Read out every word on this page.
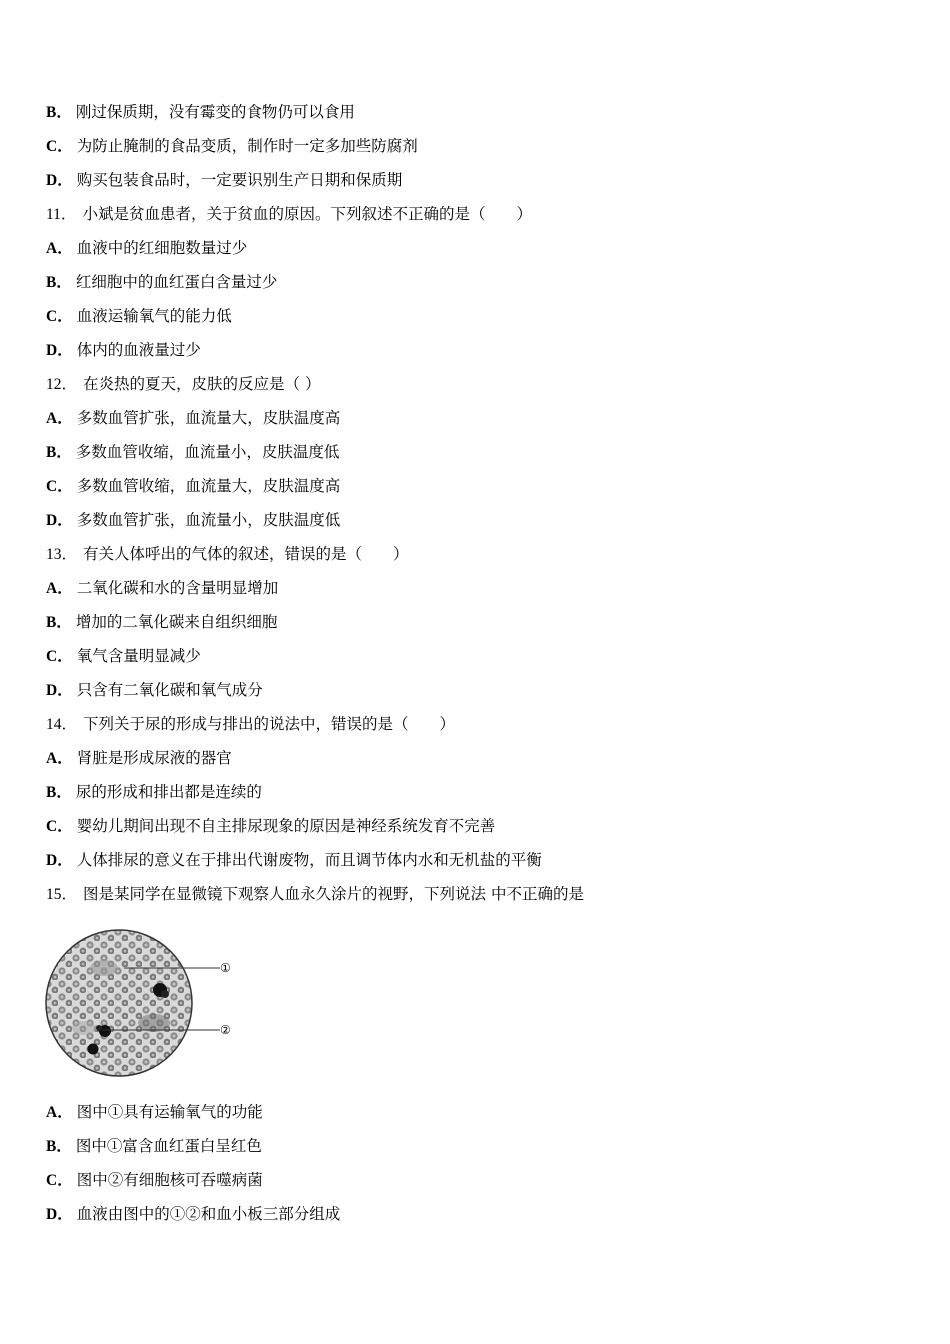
B． 刚过保质期，没有霉变的食物仍可以食用
C． 为防止腌制的食品变质，制作时一定多加些防腐剂
D． 购买包装食品时，一定要识别生产日期和保质期
11． 小斌是贫血患者，关于贫血的原因。下列叙述不正确的是（　　）
A． 血液中的红细胞数量过少
B． 红细胞中的血红蛋白含量过少
C． 血液运输氧气的能力低
D． 体内的血液量过少
12． 在炎热的夏天，皮肤的反应是（ ）
A． 多数血管扩张，血流量大，皮肤温度高
B． 多数血管收缩，血流量小，皮肤温度低
C． 多数血管收缩，血流量大，皮肤温度高
D． 多数血管扩张，血流量小，皮肤温度低
13． 有关人体呼出的气体的叙述，错误的是（　　）
A． 二氧化碳和水的含量明显增加
B． 增加的二氧化碳来自组织细胞
C． 氧气含量明显减少
D． 只含有二氧化碳和氧气成分
14． 下列关于尿的形成与排出的说法中，错误的是（　　）
A． 肾脏是形成尿液的器官
B． 尿的形成和排出都是连续的
C． 婴幼儿期间出现不自主排尿现象的原因是神经系统发育不完善
D． 人体排尿的意义在于排出代谢废物，而且调节体内水和无机盐的平衡
15． 图是某同学在显微镜下观察人血永久涂片的视野，下列说法 中不正确的是
①
②
A． 图中①具有运输氧气的功能
B． 图中①富含血红蛋白呈红色
C． 图中②有细胞核可吞噬病菌
D． 血液由图中的①②和血小板三部分组成
